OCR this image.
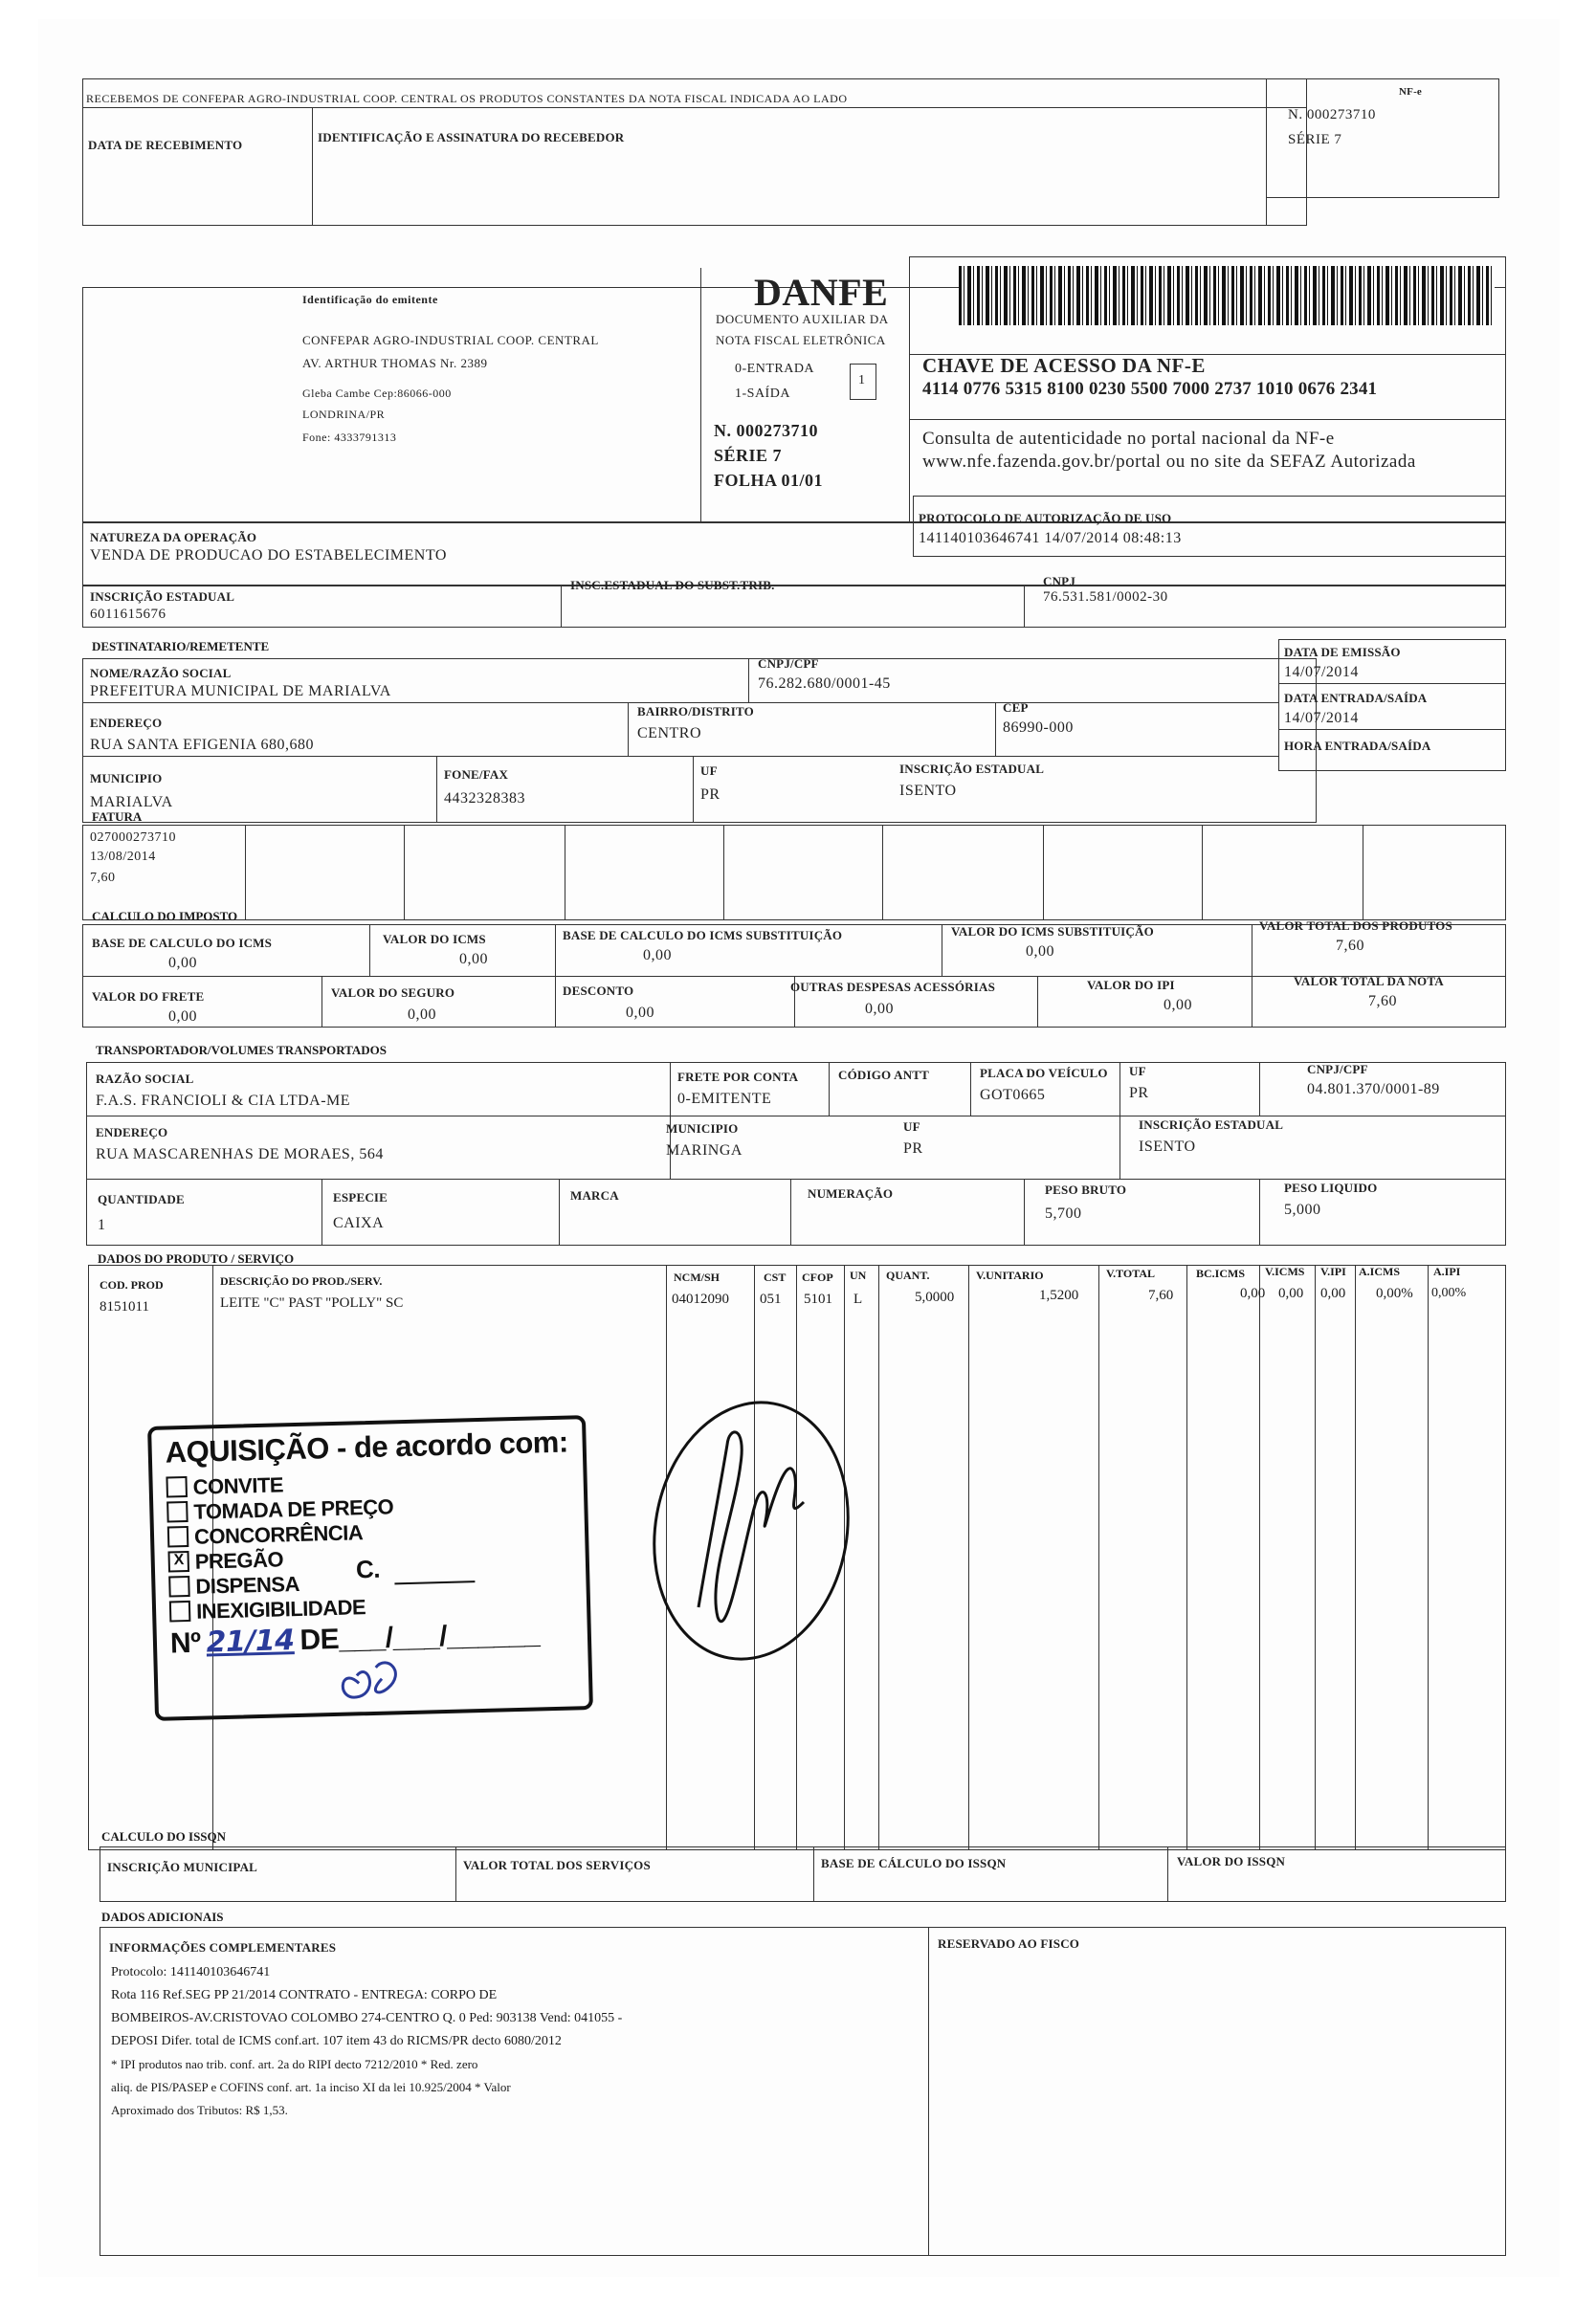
RECEBEMOS DE CONFEPAR AGRO-INDUSTRIAL COOP. CENTRAL OS PRODUTOS CONSTANTES DA NOTA FISCAL INDICADA AO LADO
DATA DE RECEBIMENTO
IDENTIFICAÇÃO E ASSINATURA DO RECEBEDOR
NF-e
N. 000273710
SÉRIE 7
Identificação do emitente
CONFEPAR AGRO-INDUSTRIAL COOP. CENTRAL
AV. ARTHUR THOMAS Nr. 2389
Gleba Cambe Cep:86066-000
LONDRINA/PR
Fone: 4333791313
DANFE
DOCUMENTO AUXILIAR DA
NOTA FISCAL ELETRÔNICA
0-ENTRADA
1-SAÍDA
1
N. 000273710
SÉRIE 7
FOLHA 01/01
CHAVE DE ACESSO DA NF-E
4114 0776 5315 8100 0230 5500 7000 2737 1010 0676 2341
Consulta de autenticidade no portal nacional da NF-e
www.nfe.fazenda.gov.br/portal ou no site da SEFAZ Autorizada
NATUREZA DA OPERAÇÃO
VENDA DE PRODUCAO DO ESTABELECIMENTO
PROTOCOLO DE AUTORIZAÇÃO DE USO
141140103646741 14/07/2014 08:48:13
INSCRIÇÃO ESTADUAL
6011615676
INSC.ESTADUAL DO SUBST.TRIB.	CNPJ
76.531.581/0002-30
DESTINATARIO/REMETENTE
NOME/RAZÃO SOCIAL
PREFEITURA MUNICIPAL DE MARIALVA
CNPJ/CPF
76.282.680/0001-45
DATA DE EMISSÃO
14/07/2014
ENDEREÇO
RUA SANTA EFIGENIA 680,680
BAIRRO/DISTRITO
CENTRO
CEP
86990-000
DATA ENTRADA/SAÍDA
14/07/2014
HORA ENTRADA/SAÍDA
MUNICIPIO
MARIALVA
FONE/FAX
4432328383
UF
PR
INSCRIÇÃO ESTADUAL
ISENTO
FATURA
027000273710
13/08/2014
7,60
CALCULO DO IMPOSTO
BASE DE CALCULO DO ICMS
0,00
VALOR DO ICMS
0,00
BASE DE CALCULO DO ICMS SUBSTITUIÇÃO
0,00
VALOR DO ICMS SUBSTITUIÇÃO
0,00
VALOR TOTAL DOS PRODUTOS
7,60
VALOR DO FRETE
0,00
VALOR DO SEGURO
0,00
DESCONTO
0,00
OUTRAS DESPESAS ACESSÓRIAS
0,00
VALOR DO IPI
0,00
VALOR TOTAL DA NOTA
7,60
TRANSPORTADOR/VOLUMES TRANSPORTADOS
RAZÃO SOCIAL
F.A.S. FRANCIOLI & CIA LTDA-ME
FRETE POR CONTA
0-EMITENTE
CÓDIGO ANTT	PLACA DO VEÍCULO
GOT0665
UF
PR
CNPJ/CPF
04.801.370/0001-89
ENDEREÇO
RUA MASCARENHAS DE MORAES, 564
MUNICIPIO
MARINGA
UF
PR
INSCRIÇÃO ESTADUAL
ISENTO
QUANTIDADE
1
ESPECIE
CAIXA
MARCA	NUMERAÇÃO	PESO BRUTO
5,700
PESO LIQUIDO
5,000
DADOS DO PRODUTO / SERVIÇO
COD. PROD	DESCRIÇÃO DO PROD./SERV.	NCM/SH	CST CFOP UN QUANT.	V.UNITARIO	V.TOTAL	BC.ICMS V.ICMS V.IPI A.ICMS	A.IPI
8151011	LEITE "C" PAST "POLLY" SC	04012090 051 5101 L	5,0000	1,5200	7,60	0,00 0,00 0,00 0,00% 0,00%
AQUISIÇÃO - de acordo com:
CONVITE
TOMADA DE PREÇO
CONCORRÊNCIA
X PREGÃO	C.
DISPENSA
INEXIGIBILIDADE
Nº 21/14 DE___/___/______
CALCULO DO ISSQN
INSCRIÇÃO MUNICIPAL	VALOR TOTAL DOS SERVIÇOS	BASE DE CÁLCULO DO ISSQN	VALOR DO ISSQN
DADOS ADICIONAIS
INFORMAÇÕES COMPLEMENTARES	RESERVADO AO FISCO
Protocolo: 141140103646741
Rota 116 Ref.SEG PP 21/2014 CONTRATO - ENTREGA: CORPO DE
BOMBEIROS-AV.CRISTOVAO COLOMBO 274-CENTRO Q. 0 Ped: 903138 Vend: 041055 -
DEPOSI Difer. total de ICMS conf.art. 107 item 43 do RICMS/PR decto 6080/2012
* IPI produtos nao trib. conf. art. 2a do RIPI decto 7212/2010 * Red. zero
aliq. de PIS/PASEP e COFINS conf. art. 1a inciso XI da lei 10.925/2004 * Valor
Aproximado dos Tributos: R$ 1,53.
